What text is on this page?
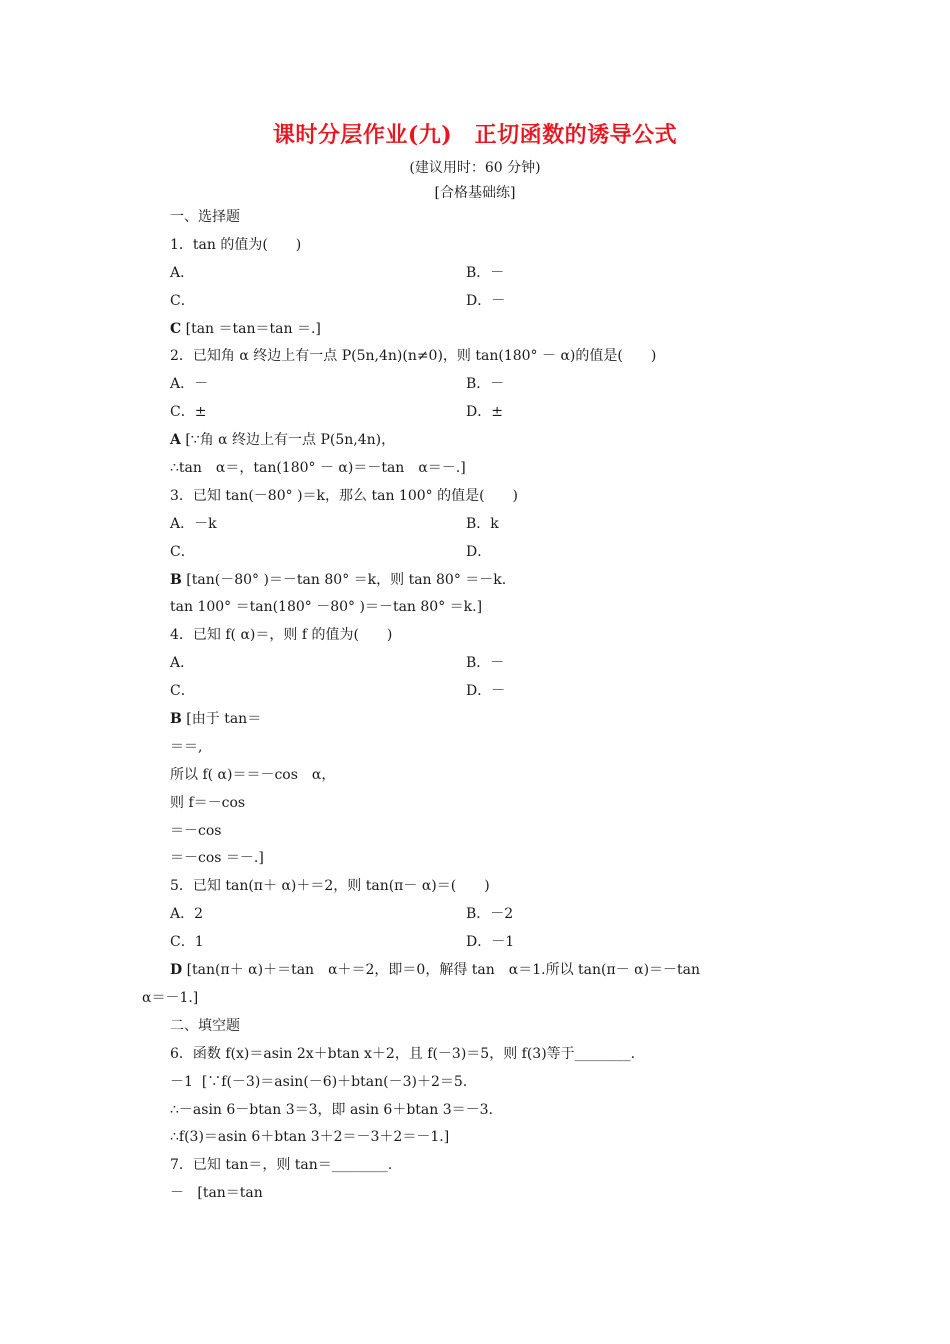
课时分层作业(九)　正切函数的诱导公式
(建议用时：60 分钟)
[合格基础练]
一、选择题
1．tan 的值为(　　)
A．	B．－
C．	D．－
C [tan ＝tan＝tan ＝.]
2．已知角 α 终边上有一点 P(5n,4n)(n≠0)，则 tan(180° － α)的值是(　　)
A．－	B．－
C．±	D．±
A [∵角 α 终边上有一点 P(5n,4n)，
∴tan　α＝，tan(180° － α)＝－tan　α＝－.]
3．已知 tan(－80° )＝k，那么 tan 100° 的值是(　　)
A．－k	B．k
C．	D．
B [tan(－80° )＝－tan 80° ＝k，则 tan 80° ＝－k.
tan 100° ＝tan(180° －80° )＝－tan 80° ＝k.]
4．已知 f( α)＝，则 f 的值为(　　)
A．	B．－
C．	D．－
B [由于 tan＝
＝＝,
所以 f( α)＝＝－cos　α，
则 f＝－cos
＝－cos
＝－cos ＝－.]
5．已知 tan(π＋ α)＋＝2，则 tan(π－ α)＝(　　)
A．2	B．－2
C．1	D．－1
D [tan(π＋ α)＋＝tan　α＋＝2，即＝0，解得 tan　α＝1.所以 tan(π－ α)＝－tan
α＝－1.]
二、填空题
6．函数 f(x)＝asin 2x＋btan x＋2，且 f(－3)＝5，则 f(3)等于________.
－1 [∵f(－3)＝asin(－6)＋btan(－3)＋2＝5.
∴－asin 6－btan 3＝3，即 asin 6＋btan 3＝－3.
∴f(3)＝asin 6＋btan 3＋2＝－3＋2＝－1.]
7．已知 tan＝，则 tan＝________.
－ [tan＝tan
